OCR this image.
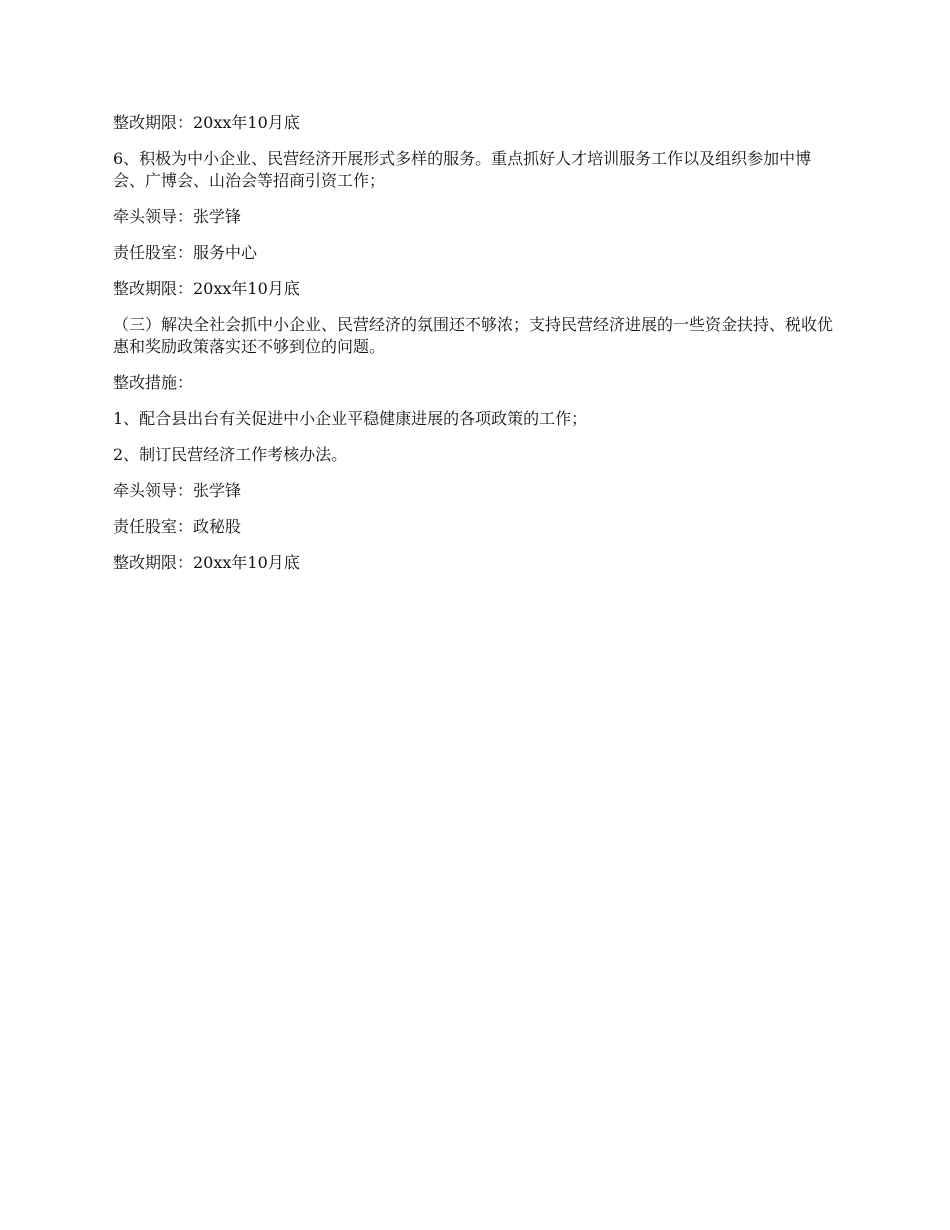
整改期限：20xx年10月底

6、积极为中小企业、民营经济开展形式多样的服务。重点抓好人才培训服务工作以及组织参加中博会、广博会、山治会等招商引资工作；

牵头领导：张学锋

责任股室：服务中心

整改期限：20xx年10月底

（三）解决全社会抓中小企业、民营经济的氛围还不够浓；支持民营经济进展的一些资金扶持、税收优惠和奖励政策落实还不够到位的问题。

整改措施：

1、配合县出台有关促进中小企业平稳健康进展的各项政策的工作；

2、制订民营经济工作考核办法。

牵头领导：张学锋

责任股室：政秘股

整改期限：20xx年10月底
